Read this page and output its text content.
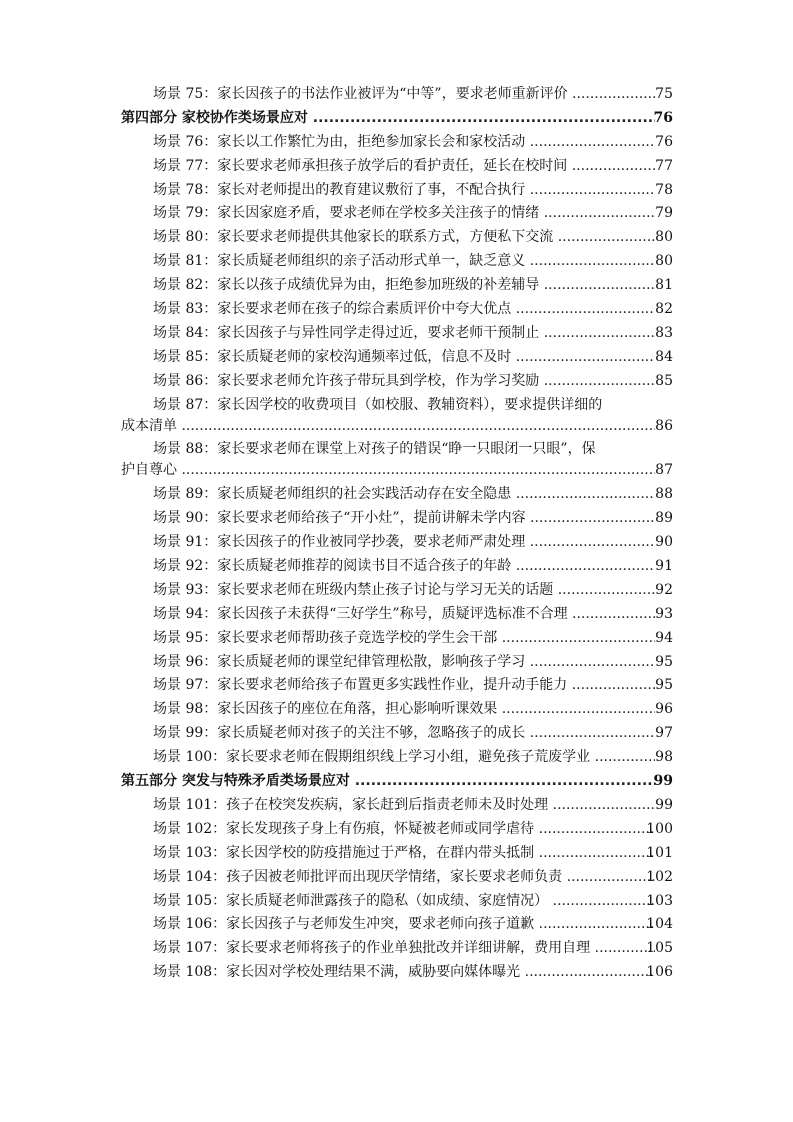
场景 75：家长因孩子的书法作业被评为“中等”，要求老师重新评价 .....	75
第四部分 家校协作类场景应对 .....	76
场景 76：家长以工作繁忙为由，拒绝参加家长会和家校活动 .....	76
场景 77：家长要求老师承担孩子放学后的看护责任，延长在校时间 .....	77
场景 78：家长对老师提出的教育建议敷衍了事，不配合执行 .....	78
场景 79：家长因家庭矛盾，要求老师在学校多关注孩子的情绪 .....	79
场景 80：家长要求老师提供其他家长的联系方式，方便私下交流 .....	80
场景 81：家长质疑老师组织的亲子活动形式单一，缺乏意义 .....	80
场景 82：家长以孩子成绩优异为由，拒绝参加班级的补差辅导 .....	81
场景 83：家长要求老师在孩子的综合素质评价中夸大优点 .....	82
场景 84：家长因孩子与异性同学走得过近，要求老师干预制止 .....	83
场景 85：家长质疑老师的家校沟通频率过低，信息不及时 .....	84
场景 86：家长要求老师允许孩子带玩具到学校，作为学习奖励 .....	85
场景 87：家长因学校的收费项目（如校服、教辅资料），要求提供详细的
成本清单 .....	86
场景 88：家长要求老师在课堂上对孩子的错误“睁一只眼闭一只眼”，保
护自尊心 .....	87
场景 89：家长质疑老师组织的社会实践活动存在安全隐患 .....	88
场景 90：家长要求老师给孩子“开小灶”，提前讲解未学内容 .....	89
场景 91：家长因孩子的作业被同学抄袭，要求老师严肃处理 .....	90
场景 92：家长质疑老师推荐的阅读书目不适合孩子的年龄 .....	91
场景 93：家长要求老师在班级内禁止孩子讨论与学习无关的话题 .....	92
场景 94：家长因孩子未获得“三好学生”称号，质疑评选标准不合理 .....	93
场景 95：家长要求老师帮助孩子竞选学校的学生会干部 .....	94
场景 96：家长质疑老师的课堂纪律管理松散，影响孩子学习 .....	95
场景 97：家长要求老师给孩子布置更多实践性作业，提升动手能力 .....	95
场景 98：家长因孩子的座位在角落，担心影响听课效果 .....	96
场景 99：家长质疑老师对孩子的关注不够，忽略孩子的成长 .....	97
场景 100：家长要求老师在假期组织线上学习小组，避免孩子荒废学业 .....	98
第五部分 突发与特殊矛盾类场景应对 .....	99
场景 101：孩子在校突发疾病，家长赶到后指责老师未及时处理 .....	99
场景 102：家长发现孩子身上有伤痕，怀疑被老师或同学虐待 .....	100
场景 103：家长因学校的防疫措施过于严格，在群内带头抵制 .....	101
场景 104：孩子因被老师批评而出现厌学情绪，家长要求老师负责 .....	102
场景 105：家长质疑老师泄露孩子的隐私（如成绩、家庭情况） .....	103
场景 106：家长因孩子与老师发生冲突，要求老师向孩子道歉 .....	104
场景 107：家长要求老师将孩子的作业单独批改并详细讲解，费用自理 .....	105
场景 108：家长因对学校处理结果不满，威胁要向媒体曝光 .....	106
